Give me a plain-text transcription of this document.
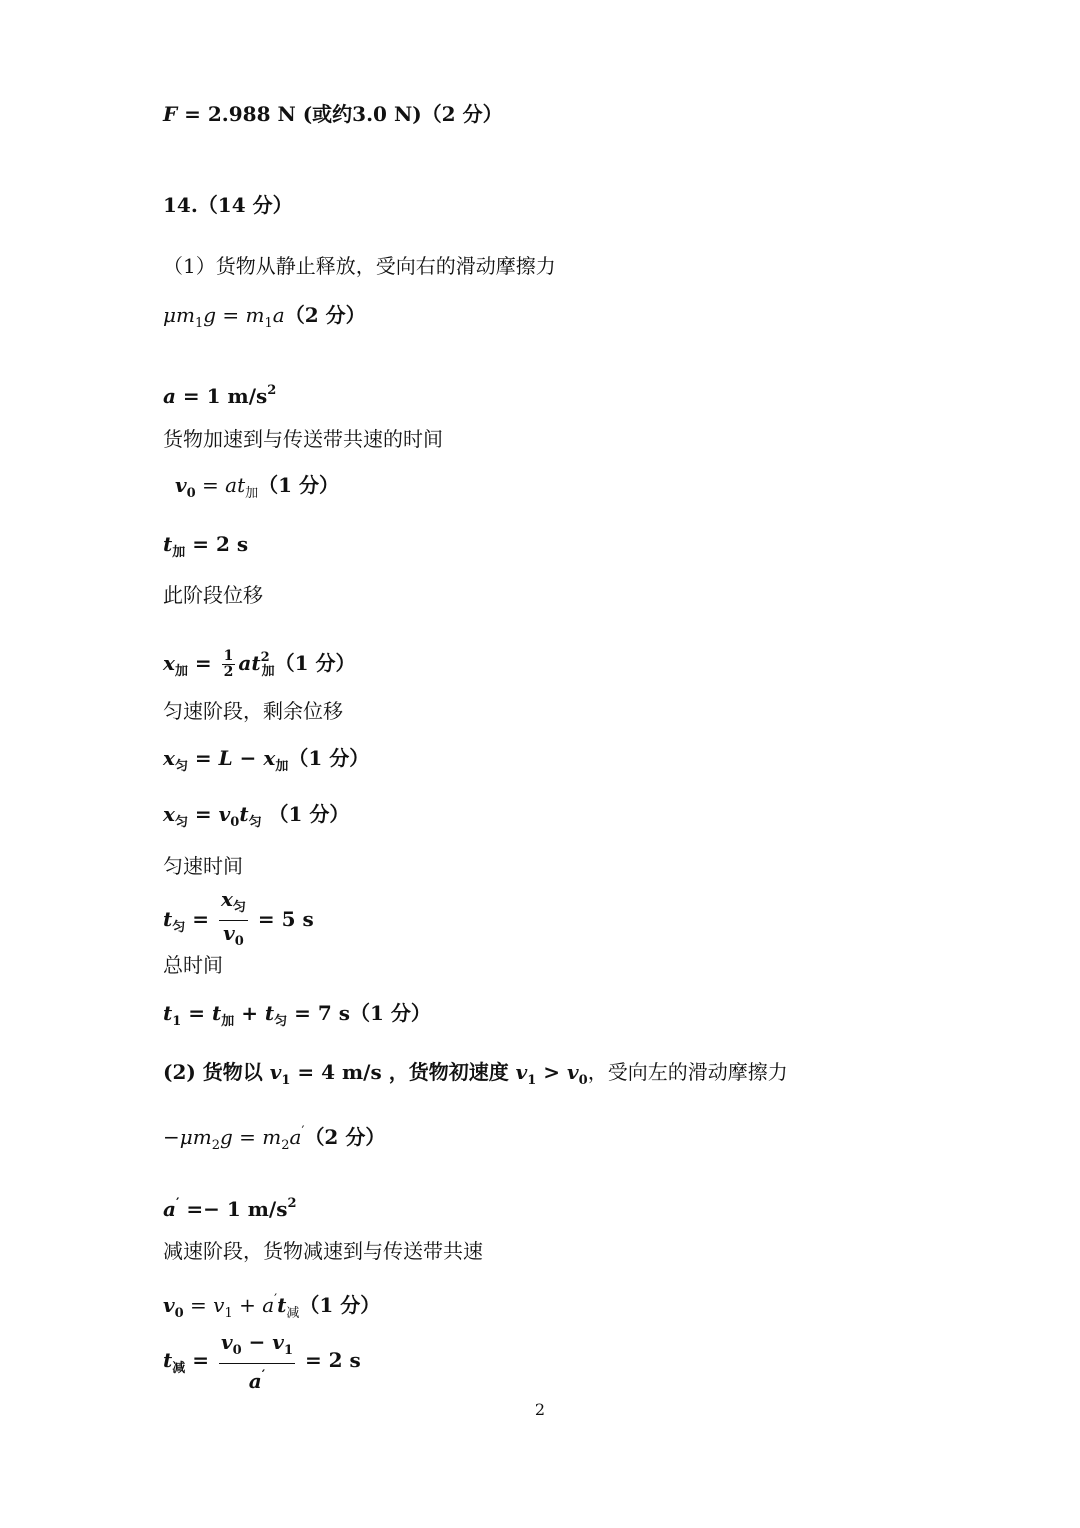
F = 2.988 N (或约3.0 N)（2 分）
14.（14 分）
（1）货物从静止释放，受向右的滑动摩擦力
$\mu m_1g = m_1a(2$ 分）
a = 1 $m/s^2$
货物加速到与传送带共速的时间
$v_0 = at_加(1$ 分）
$t_加 = 2$ s
此阶段位移
$x_加 = \frac{1}{2} at^2_加(1$ 分）
匀速阶段，剩余位移
$x_匀 = L - x_加(1$ 分）
$x_匀 = v_0t_匀$ （1 分）
匀速时间
$t_匀 = \frac{x_匀}{v_0} = 5$ s
总时间
$t_1 = t_加 + t_匀 = 7$ s（1 分）
(2) 货物以 $v_1 = 4$ m/s ，货物初速度 $v_1 > v_0$，受向左的滑动摩擦力
$-\mu m_2g = m_2a'(2$ 分）
a′ =− 1 $m/s^2$
减速阶段，货物减速到与传送带共速
$v_0 = v_1 + a't_减(1$ 分）
$t_减 = \frac{v_0 - v_1}{a'} = 2$ s
2
